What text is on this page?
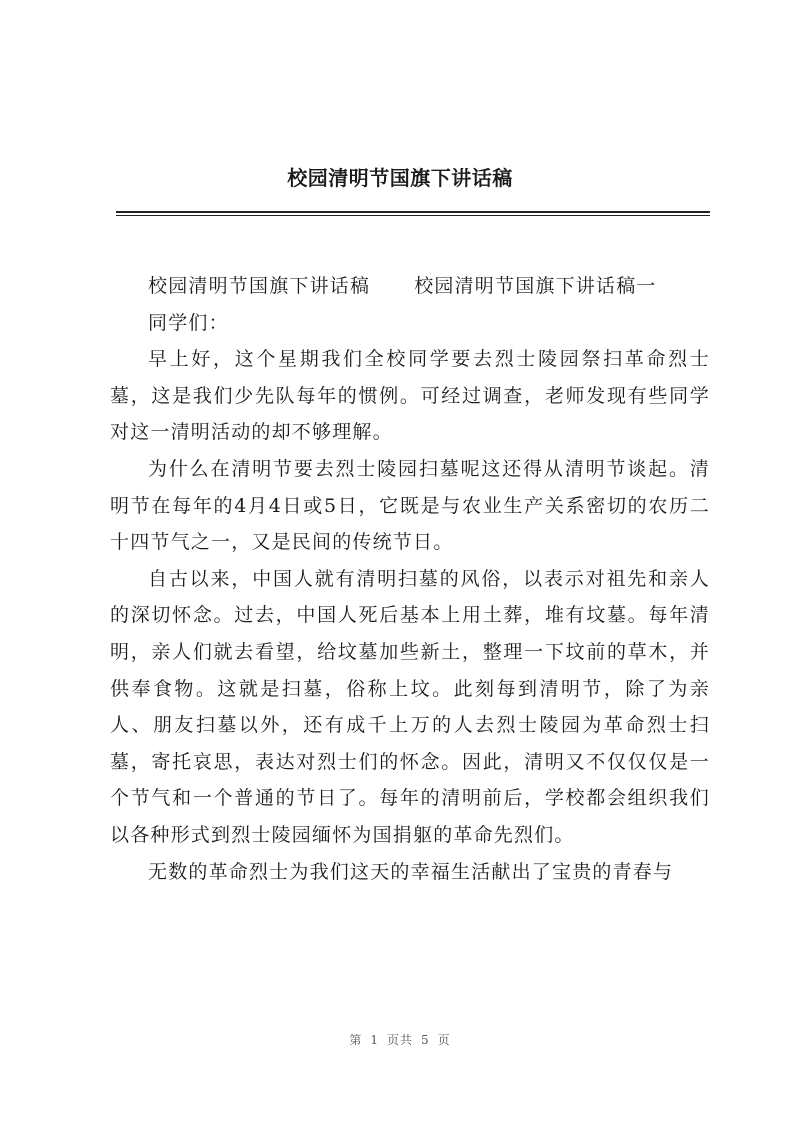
校园清明节国旗下讲话稿

校园清明节国旗下讲话稿 校园清明节国旗下讲话稿一

同学们：

早上好，这个星期我们全校同学要去烈士陵园祭扫革命烈士墓，这是我们少先队每年的惯例。可经过调查，老师发现有些同学对这一清明活动的却不够理解。

为什么在清明节要去烈士陵园扫墓呢这还得从清明节谈起。清明节在每年的4月4日或5日，它既是与农业生产关系密切的农历二十四节气之一，又是民间的传统节日。

自古以来，中国人就有清明扫墓的风俗，以表示对祖先和亲人的深切怀念。过去，中国人死后基本上用土葬，堆有坟墓。每年清明，亲人们就去看望，给坟墓加些新土，整理一下坟前的草木，并供奉食物。这就是扫墓，俗称上坟。此刻每到清明节，除了为亲人、朋友扫墓以外，还有成千上万的人去烈士陵园为革命烈士扫墓，寄托哀思，表达对烈士们的怀念。因此，清明又不仅仅仅是一个节气和一个普通的节日了。每年的清明前后，学校都会组织我们以各种形式到烈士陵园缅怀为国捐躯的革命先烈们。

无数的革命烈士为我们这天的幸福生活献出了宝贵的青春与

第 1 页共 5 页
